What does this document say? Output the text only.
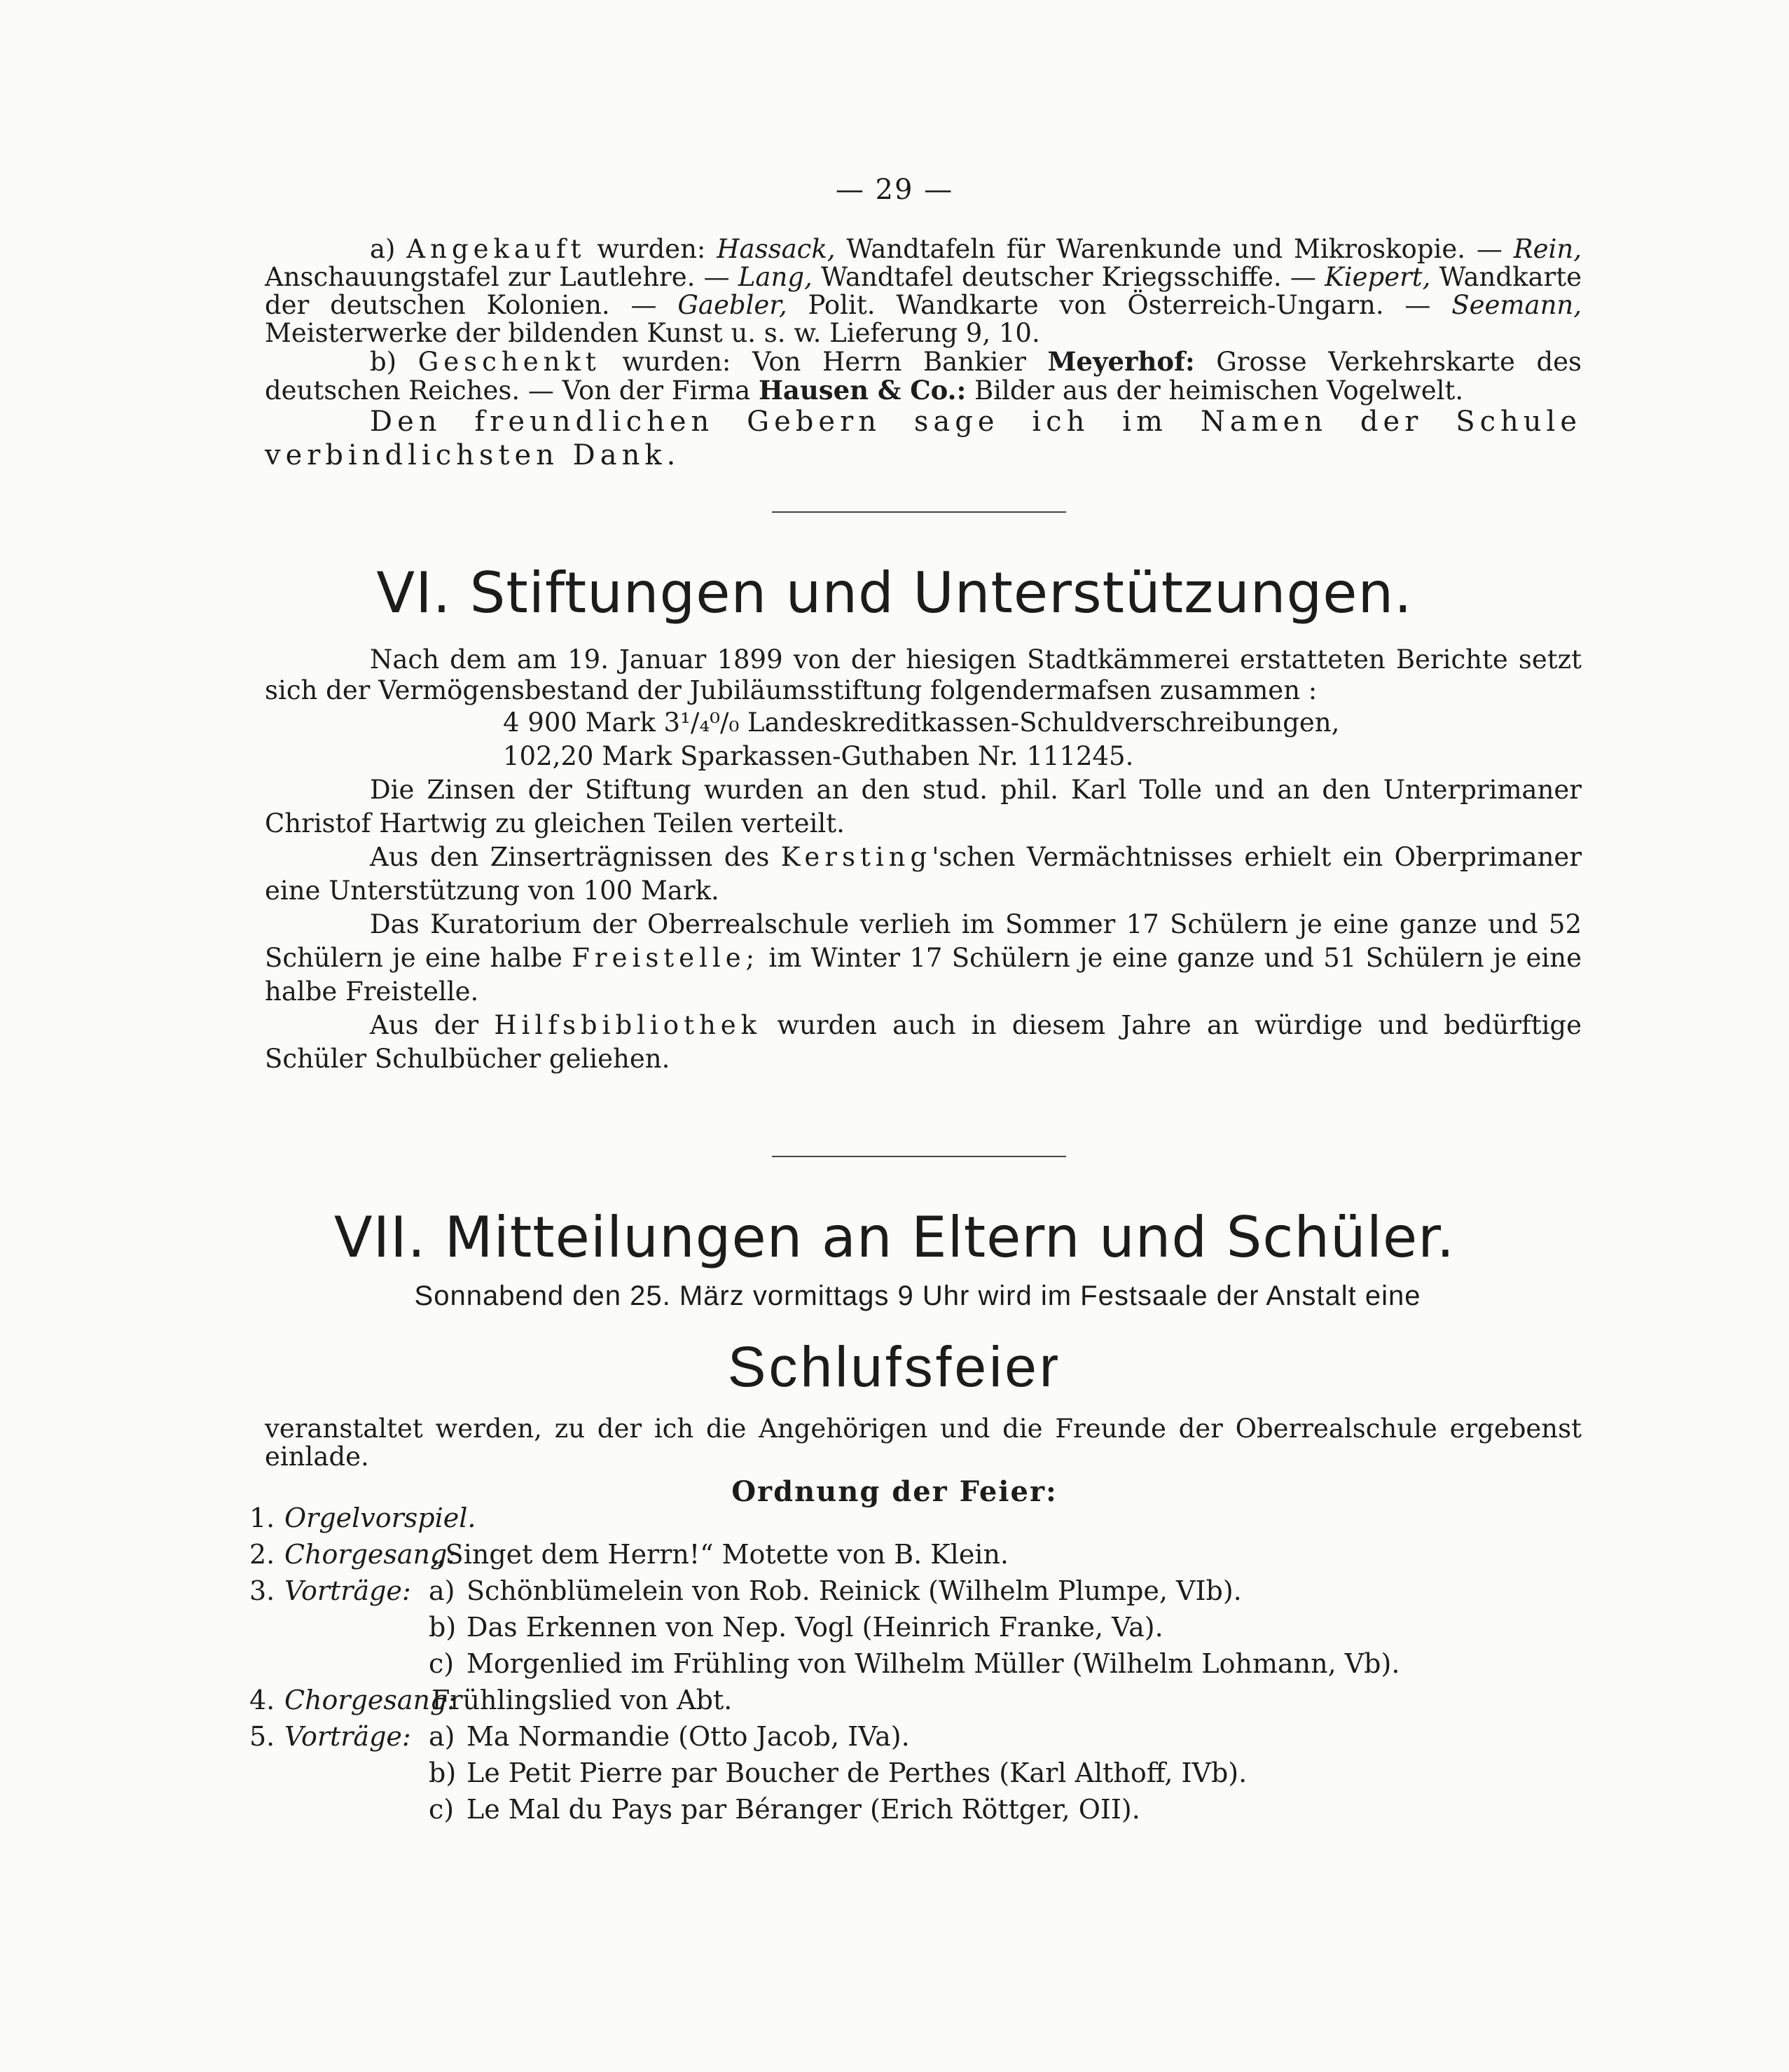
— 29 —

a) Angekauft wurden: Hassack, Wandtafeln für Warenkunde und Mikroskopie. — Rein, Anschauungstafel zur Lautlehre. — Lang, Wandtafel deutscher Kriegsschiffe. — Kiepert, Wandkarte der deutschen Kolonien. — Gaebler, Polit. Wandkarte von Österreich-Ungarn. — Seemann, Meisterwerke der bildenden Kunst u. s. w. Lieferung 9, 10.

b) Geschenkt wurden: Von Herrn Bankier Meyerhof: Grosse Verkehrskarte des deutschen Reiches. — Von der Firma Hausen & Co.: Bilder aus der heimischen Vogelwelt.

Den freundlichen Gebern sage ich im Namen der Schule verbindlichsten Dank.

VI. Stiftungen und Unterstützungen.

Nach dem am 19. Januar 1899 von der hiesigen Stadtkämmerei erstatteten Berichte setzt sich der Vermögensbestand der Jubiläumsstiftung folgendermafsen zusammen :

4 900 Mark 3¹/₄⁰/₀ Landeskreditkassen-Schuldverschreibungen,

102,20 Mark Sparkassen-Guthaben Nr. 111245.

Die Zinsen der Stiftung wurden an den stud. phil. Karl Tolle und an den Unterprimaner Christof Hartwig zu gleichen Teilen verteilt.

Aus den Zinserträgnissen des Kersting'schen Vermächtnisses erhielt ein Oberprimaner eine Unterstützung von 100 Mark.

Das Kuratorium der Oberrealschule verlieh im Sommer 17 Schülern je eine ganze und 52 Schülern je eine halbe Freistelle; im Winter 17 Schülern je eine ganze und 51 Schülern je eine halbe Freistelle.

Aus der Hilfsbibliothek wurden auch in diesem Jahre an würdige und bedürftige Schüler Schulbücher geliehen.

VII. Mitteilungen an Eltern und Schüler.
Sonnabend den 25. März vormittags 9 Uhr wird im Festsaale der Anstalt eine
Schlufsfeier
veranstaltet werden, zu der ich die Angehörigen und die Freunde der Oberrealschule ergebenst einlade.
Ordnung der Feier:
1. Orgelvorspiel.
2. Chorgesang:
„Singet dem Herrn!“ Motette von B. Klein.
3. Vorträge: a) Schönblümelein von Rob. Reinick (Wilhelm Plumpe, VIb).
b) Das Erkennen von Nep. Vogl (Heinrich Franke, Va).
c) Morgenlied im Frühling von Wilhelm Müller (Wilhelm Lohmann, Vb).
4. Chorgesang:
Frühlingslied von Abt.
5. Vorträge: a) Ma Normandie (Otto Jacob, IVa).
b) Le Petit Pierre par Boucher de Perthes (Karl Althoff, IVb).
c) Le Mal du Pays par Béranger (Erich Röttger, OII).
